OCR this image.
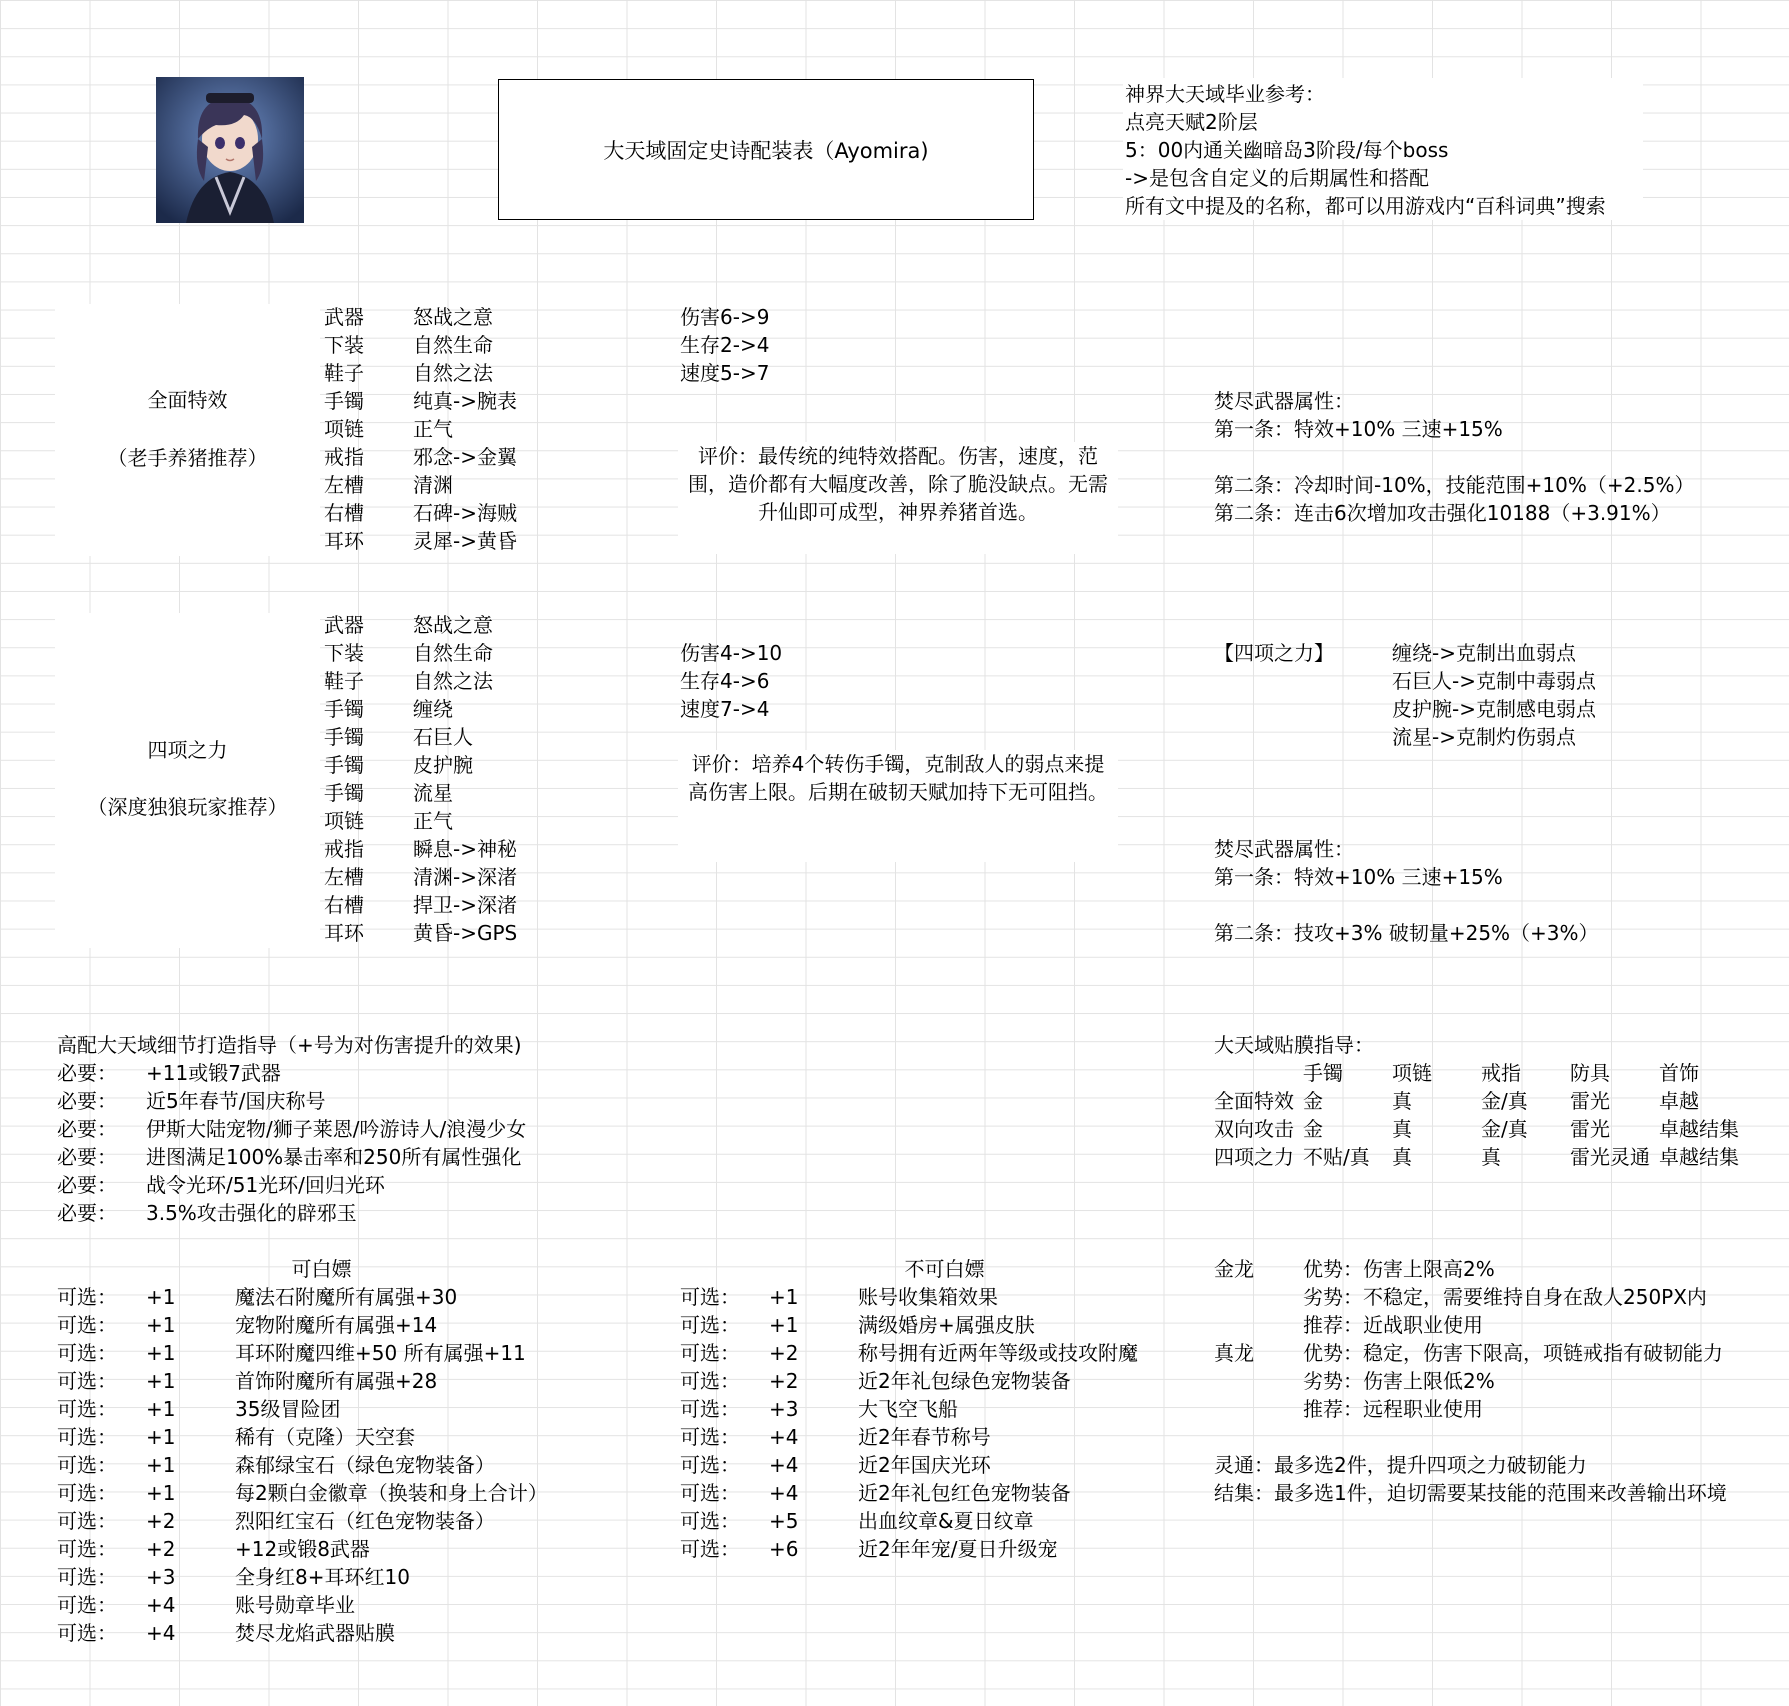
大天域固定史诗配装表（Ayomira)
神界大天域毕业参考：
点亮天赋2阶层
5：00内通关幽暗岛3阶段/每个boss
->是包含自定义的后期属性和搭配
所有文中提及的名称，都可以用游戏内“百科词典”搜索
全面特效
（老手养猪推荐）
武器 怒战之意
下装 自然生命
鞋子 自然之法
手镯 纯真->腕表
项链 正气
戒指 邪念->金翼
左槽 清渊
右槽 石碑->海贼
耳环 灵犀->黄昏
伤害6->9
生存2->4
速度5->7
评价：最传统的纯特效搭配。伤害，速度，范围，造价都有大幅度改善，除了脆没缺点。无需升仙即可成型，神界养猪首选。
焚尽武器属性：
第一条：特效+10% 三速+15%
第二条：冷却时间-10%，技能范围+10%（+2.5%）
第二条：连击6次增加攻击强化10188（+3.91%）
四项之力
（深度独狼玩家推荐）
武器 怒战之意
下装 自然生命
鞋子 自然之法
手镯 缠绕
手镯 石巨人
手镯 皮护腕
手镯 流星
项链 正气
戒指 瞬息->神秘
左槽 清渊->深渚
右槽 捍卫->深渚
耳环 黄昏->GPS
伤害4->10
生存4->6
速度7->4
评价：培养4个转伤手镯，克制敌人的弱点来提高伤害上限。后期在破韧天赋加持下无可阻挡。
【四项之力】	缠绕->克制出血弱点
石巨人->克制中毒弱点
皮护腕->克制感电弱点
流星->克制灼伤弱点
焚尽武器属性：
第一条：特效+10% 三速+15%
第二条：技攻+3% 破韧量+25%（+3%）
高配大天域细节打造指导（+号为对伤害提升的效果)
必要： +11或锻7武器
必要： 近5年春节/国庆称号
必要： 伊斯大陆宠物/狮子莱恩/吟游诗人/浪漫少女
必要： 进图满足100%暴击率和250所有属性强化
必要： 战令光环/51光环/回归光环
必要： 3.5%攻击强化的辟邪玉
可白嫖
可选： +1	魔法石附魔所有属强+30
可选： +1	宠物附魔所有属强+14
可选： +1	耳环附魔四维+50 所有属强+11
可选： +1	首饰附魔所有属强+28
可选： +1	35级冒险团
可选： +1	稀有（克隆）天空套
可选： +1	森郁绿宝石（绿色宠物装备）
可选： +1	每2颗白金徽章（换装和身上合计）
可选： +2	烈阳红宝石（红色宠物装备）
可选： +2	+12或锻8武器
可选： +3	全身红8+耳环红10
可选： +4	账号勋章毕业
可选： +4	焚尽龙焰武器贴膜
不可白嫖
可选： +1	账号收集箱效果
可选： +1	满级婚房+属强皮肤
可选： +2	称号拥有近两年等级或技攻附魔
可选： +2	近2年礼包绿色宠物装备
可选： +3	大飞空飞船
可选： +4	近2年春节称号
可选： +4	近2年国庆光环
可选： +4	近2年礼包红色宠物装备
可选： +5	出血纹章&夏日纹章
可选： +6	近2年年宠/夏日升级宠
大天域贴膜指导：
手镯 项链 戒指 防具 首饰
全面特效 金	真	金/真 雷光 卓越
双向攻击 金	真	金/真 雷光 卓越结集
四项之力 不贴/真 真	真	雷光灵通 卓越结集
金龙 优势：伤害上限高2%
劣势：不稳定，需要维持自身在敌人250PX内
推荐：近战职业使用
真龙 优势：稳定，伤害下限高，项链戒指有破韧能力
劣势：伤害上限低2%
推荐：远程职业使用
灵通：最多选2件，提升四项之力破韧能力
结集：最多选1件，迫切需要某技能的范围来改善输出环境
